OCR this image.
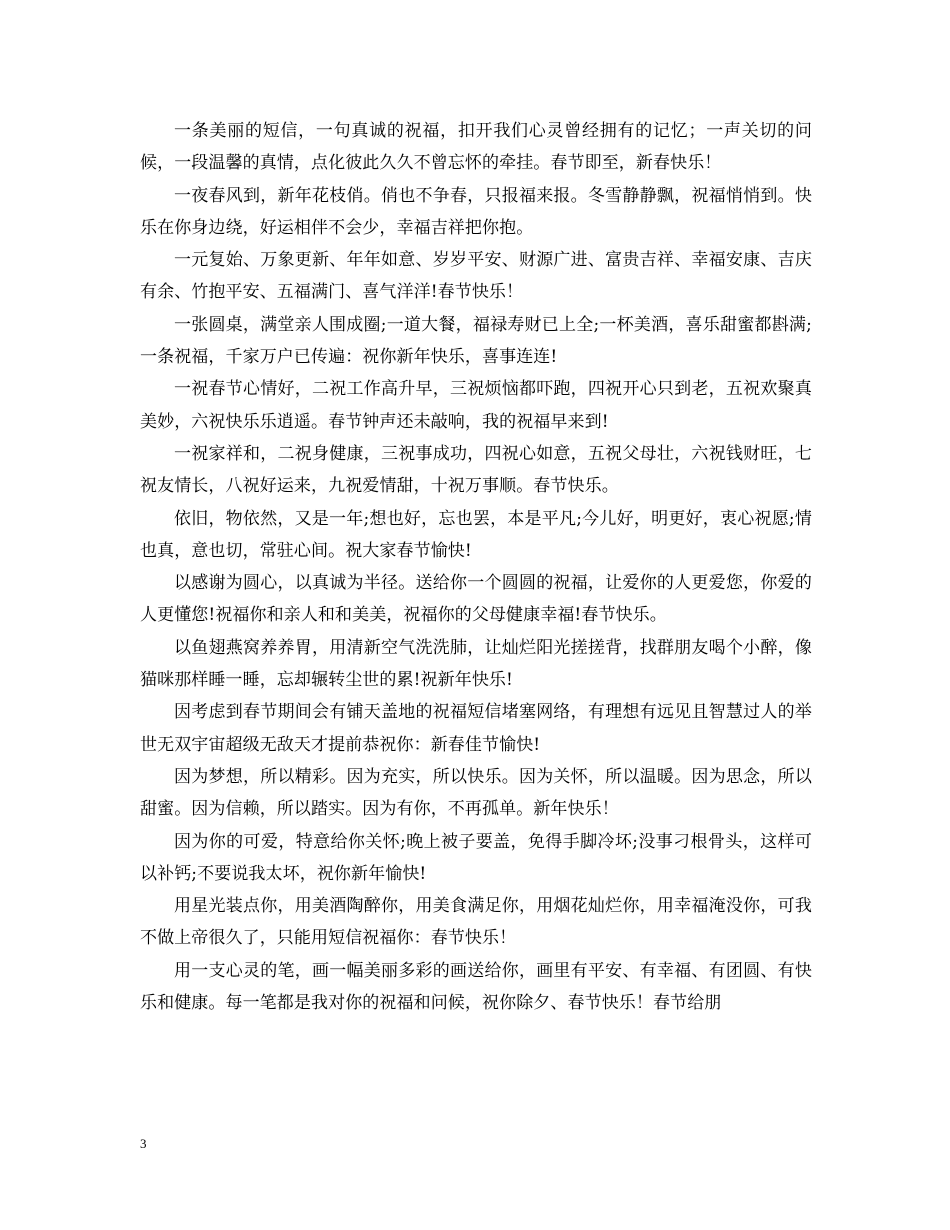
一条美丽的短信，一句真诚的祝福，扣开我们心灵曾经拥有的记忆；一声关切的问候，一段温馨的真情，点化彼此久久不曾忘怀的牵挂。春节即至，新春快乐！

一夜春风到，新年花枝俏。俏也不争春，只报福来报。冬雪静静飘，祝福悄悄到。快乐在你身边绕，好运相伴不会少，幸福吉祥把你抱。

一元复始、万象更新、年年如意、岁岁平安、财源广进、富贵吉祥、幸福安康、吉庆有余、竹抱平安、五福满门、喜气洋洋!春节快乐！

一张圆桌，满堂亲人围成圈;一道大餐，福禄寿财已上全;一杯美酒，喜乐甜蜜都斟满;一条祝福，千家万户已传遍：祝你新年快乐，喜事连连!

一祝春节心情好，二祝工作高升早，三祝烦恼都吓跑，四祝开心只到老，五祝欢聚真美妙，六祝快乐乐逍遥。春节钟声还未敲响，我的祝福早来到!

一祝家祥和，二祝身健康，三祝事成功，四祝心如意，五祝父母壮，六祝钱财旺，七祝友情长，八祝好运来，九祝爱情甜，十祝万事顺。春节快乐。

依旧，物依然，又是一年;想也好，忘也罢，本是平凡;今儿好，明更好，衷心祝愿;情也真，意也切，常驻心间。祝大家春节愉快!

以感谢为圆心，以真诚为半径。送给你一个圆圆的祝福，让爱你的人更爱您，你爱的人更懂您!祝福你和亲人和和美美，祝福你的父母健康幸福!春节快乐。

以鱼翅燕窝养养胃，用清新空气洗洗肺，让灿烂阳光搓搓背，找群朋友喝个小醉，像猫咪那样睡一睡，忘却辗转尘世的累!祝新年快乐!

因考虑到春节期间会有铺天盖地的祝福短信堵塞网络，有理想有远见且智慧过人的举世无双宇宙超级无敌天才提前恭祝你：新春佳节愉快!

因为梦想，所以精彩。因为充实，所以快乐。因为关怀，所以温暖。因为思念，所以甜蜜。因为信赖，所以踏实。因为有你，不再孤单。新年快乐！

因为你的可爱，特意给你关怀;晚上被子要盖，免得手脚冷坏;没事刁根骨头，这样可以补钙;不要说我太坏，祝你新年愉快!

用星光装点你，用美酒陶醉你，用美食满足你，用烟花灿烂你，用幸福淹没你，可我不做上帝很久了，只能用短信祝福你：春节快乐！

用一支心灵的笔，画一幅美丽多彩的画送给你，画里有平安、有幸福、有团圆、有快乐和健康。每一笔都是我对你的祝福和问候，祝你除夕、春节快乐！春节给朋

3
